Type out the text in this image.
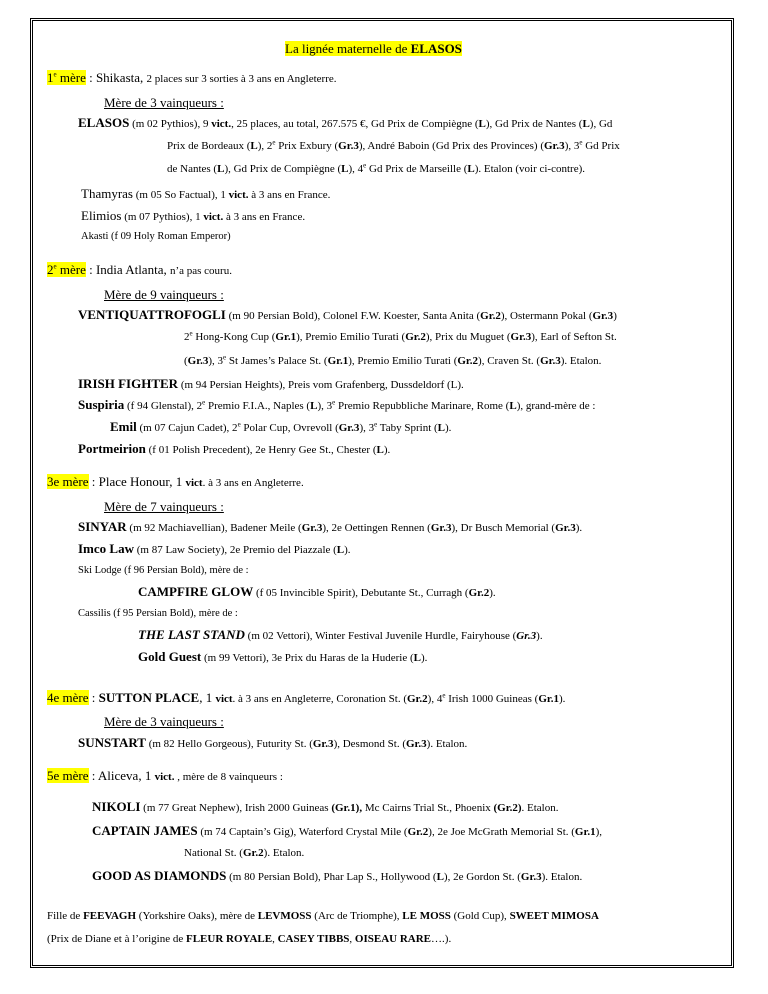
La lignée maternelle de ELASOS
1e mère : Shikasta, 2 places sur 3 sorties à 3 ans en Angleterre.
Mère de 3 vainqueurs :
ELASOS (m 02 Pythios), 9 vict., 25 places, au total, 267.575 €, Gd Prix de Compiègne (L), Gd Prix de Nantes (L), Gd
Prix de Bordeaux (L), 2e Prix Exbury (Gr.3), André Baboin (Gd Prix des Provinces) (Gr.3), 3e Gd Prix
de Nantes (L), Gd Prix de Compiègne (L), 4e Gd Prix de Marseille (L). Etalon (voir ci-contre).
Thamyras (m 05 So Factual), 1 vict. à 3 ans en France.
Elimios (m 07 Pythios), 1 vict. à 3 ans en France.
Akasti (f 09 Holy Roman Emperor)
2e mère : India Atlanta, n’a pas couru.
Mère de 9 vainqueurs :
VENTIQUATTROFOGLI (m 90 Persian Bold), Colonel F.W. Koester, Santa Anita (Gr.2), Ostermann Pokal (Gr.3)
2e Hong-Kong Cup (Gr.1), Premio Emilio Turati (Gr.2), Prix du Muguet (Gr.3), Earl of Sefton St.
(Gr.3), 3e St James’s Palace St. (Gr.1), Premio Emilio Turati (Gr.2), Craven St. (Gr.3). Etalon.
IRISH FIGHTER (m 94 Persian Heights), Preis vom Grafenberg, Dussdeldorf (L).
Suspiria (f 94 Glenstal), 2e Premio F.I.A., Naples (L), 3e Premio Repubbliche Marinare, Rome (L), grand-mère de :
Emil (m 07 Cajun Cadet), 2e Polar Cup, Ovrevoll (Gr.3), 3e Taby Sprint (L).
Portmeirion (f 01 Polish Precedent), 2e Henry Gee St., Chester (L).
3e mère : Place Honour, 1 vict. à 3 ans en Angleterre.
Mère de 7 vainqueurs :
SINYAR (m 92 Machiavellian), Badener Meile (Gr.3), 2e Oettingen Rennen (Gr.3), Dr Busch Memorial (Gr.3).
Imco Law (m 87 Law Society), 2e Premio del Piazzale (L).
Ski Lodge (f 96 Persian Bold), mère de :
CAMPFIRE GLOW (f 05 Invincible Spirit), Debutante St., Curragh (Gr.2).
Cassilis (f 95 Persian Bold), mère de :
THE LAST STAND (m 02 Vettori), Winter Festival Juvenile Hurdle, Fairyhouse (Gr.3).
Gold Guest (m 99 Vettori), 3e Prix du Haras de la Huderie (L).
4e mère : SUTTON PLACE, 1 vict. à 3 ans en Angleterre, Coronation St. (Gr.2), 4e Irish 1000 Guineas (Gr.1).
Mère de 3 vainqueurs :
SUNSTART (m 82 Hello Gorgeous), Futurity St. (Gr.3), Desmond St. (Gr.3). Etalon.
5e mère : Aliceva, 1 vict. , mère de 8 vainqueurs :
NIKOLI (m 77 Great Nephew), Irish 2000 Guineas (Gr.1), Mc Cairns Trial St., Phoenix (Gr.2). Etalon.
CAPTAIN JAMES (m 74 Captain’s Gig), Waterford Crystal Mile (Gr.2), 2e Joe McGrath Memorial St. (Gr.1),
National St. (Gr.2). Etalon.
GOOD AS DIAMONDS (m 80 Persian Bold), Phar Lap S., Hollywood (L), 2e Gordon St. (Gr.3). Etalon.
Fille de FEEVAGH (Yorkshire Oaks), mère de LEVMOSS (Arc de Triomphe), LE MOSS (Gold Cup), SWEET MIMOSA
(Prix de Diane et à l’origine de FLEUR ROYALE, CASEY TIBBS, OISEAU RARE….).
